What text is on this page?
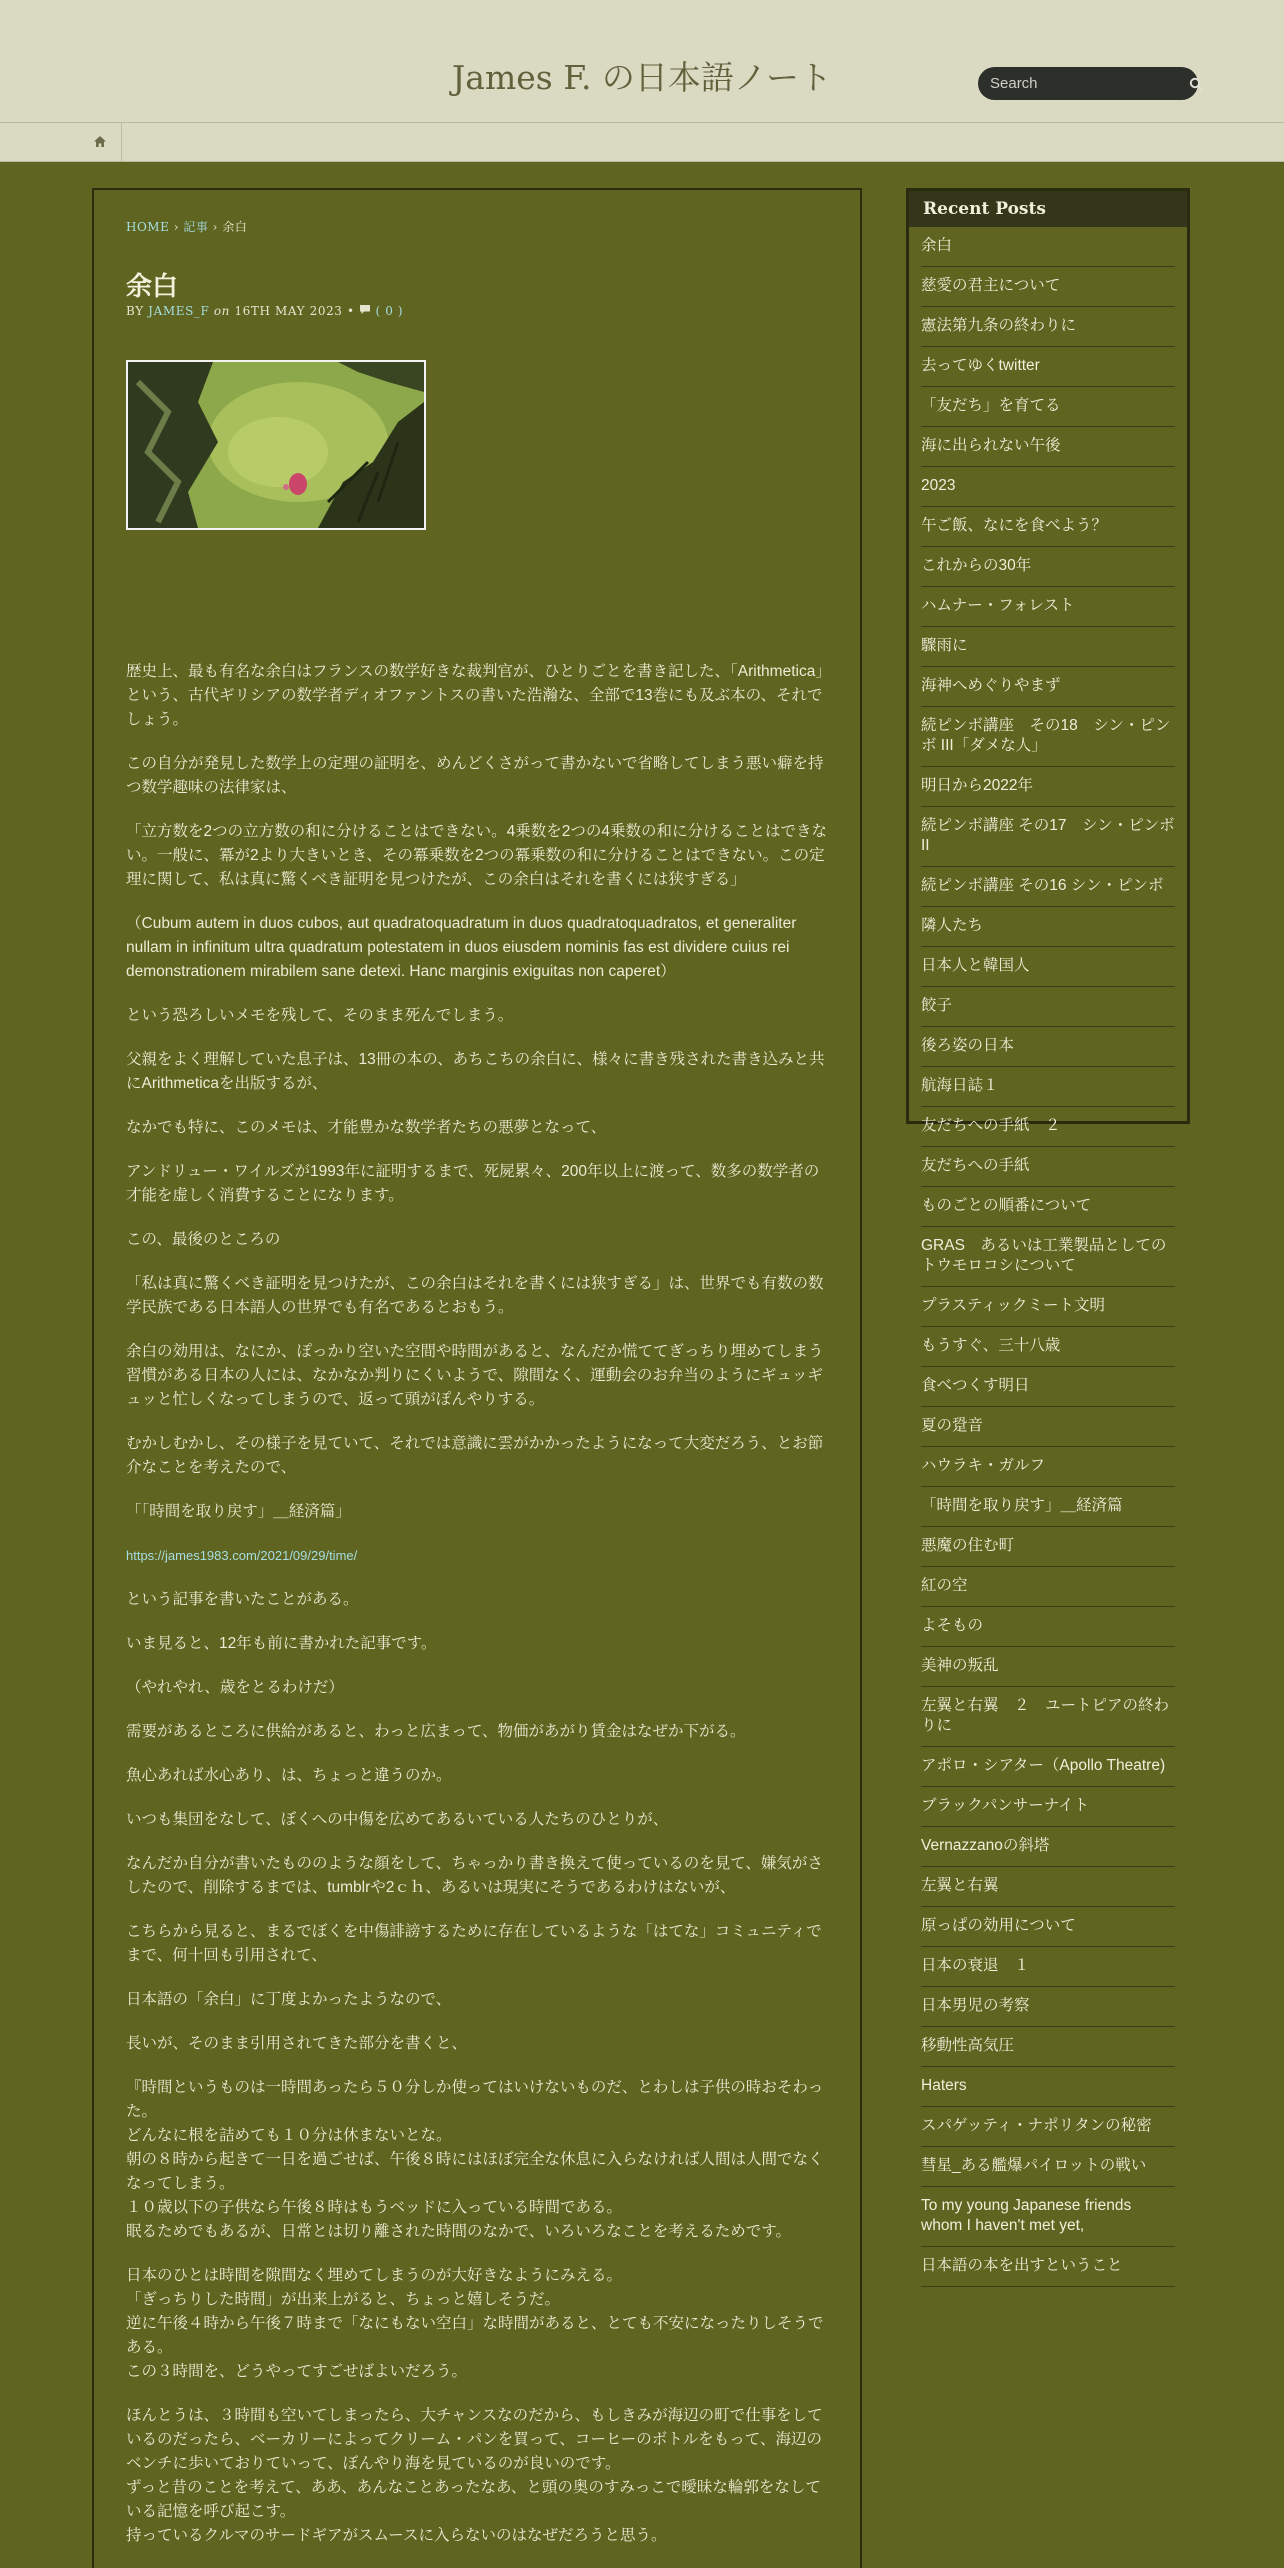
James F. の日本語ノート
Search
HOME › 記事 › 余白
余白
BY JAMES_F on 16TH MAY 2023 • ( 0 )

歴史上、最も有名な余白はフランスの数学好きな裁判官が、ひとりごとを書き記した、「Arithmetica」という、古代ギリシアの数学者ディオファントスの書いた浩瀚な、全部で13巻にも及ぶ本の、それでしょう。

この自分が発見した数学上の定理の証明を、めんどくさがって書かないで省略してしまう悪い癖を持つ数学趣味の法律家は、

「立方数を2つの立方数の和に分けることはできない。4乗数を2つの4乗数の和に分けることはできない。一般に、冪が2より大きいとき、その冪乗数を2つの冪乗数の和に分けることはできない。この定理に関して、私は真に驚くべき証明を見つけたが、この余白はそれを書くには狭すぎる」

（Cubum autem in duos cubos, aut quadratoquadratum in duos quadratoquadratos, et generaliter nullam in infinitum ultra quadratum potestatem in duos eiusdem nominis fas est dividere cuius rei demonstrationem mirabilem sane detexi. Hanc marginis exiguitas non caperet）

という恐ろしいメモを残して、そのまま死んでしまう。

父親をよく理解していた息子は、13冊の本の、あちこちの余白に、様々に書き残された書き込みと共にArithmeticaを出版するが、

なかでも特に、このメモは、才能豊かな数学者たちの悪夢となって、

アンドリュー・ワイルズが1993年に証明するまで、死屍累々、200年以上に渡って、数多の数学者の才能を虚しく消費することになります。

この、最後のところの

「私は真に驚くべき証明を見つけたが、この余白はそれを書くには狭すぎる」は、世界でも有数の数学民族である日本語人の世界でも有名であるとおもう。

余白の効用は、なにか、ぽっかり空いた空間や時間があると、なんだか慌ててぎっちり埋めてしまう習慣がある日本の人には、なかなか判りにくいようで、隙間なく、運動会のお弁当のようにギュッギュッと忙しくなってしまうので、返って頭がぽんやりする。

むかしむかし、その様子を見ていて、それでは意識に雲がかかったようになって大変だろう、とお節介なことを考えたので、

「「時間を取り戻す」＿経済篇」

https://james1983.com/2021/09/29/time/

という記事を書いたことがある。

いま見ると、12年も前に書かれた記事です。

（やれやれ、歳をとるわけだ）

需要があるところに供給があると、わっと広まって、物価があがり賃金はなぜか下がる。

魚心あれば水心あり、は、ちょっと違うのか。

いつも集団をなして、ぼくへの中傷を広めてあるいている人たちのひとりが、

なんだか自分が書いたもののような顔をして、ちゃっかり書き換えて使っているのを見て、嫌気がさしたので、削除するまでは、tumblrや2ｃｈ、あるいは現実にそうであるわけはないが、

こちらから見ると、まるでぼくを中傷誹謗するために存在しているような「はてな」コミュニティでまで、何十回も引用されて、

日本語の「余白」に丁度よかったようなので、

長いが、そのまま引用されてきた部分を書くと、

『時間というものは一時間あったら５０分しか使ってはいけないものだ、とわしは子供の時おそわった。
どんなに根を詰めても１０分は休まないとな。
朝の８時から起きて一日を過ごせば、午後８時にはほぼ完全な休息に入らなければ人間は人間でなくなってしまう。
１０歳以下の子供なら午後８時はもうベッドに入っている時間である。
眠るためでもあるが、日常とは切り離された時間のなかで、いろいろなことを考えるためです。

日本のひとは時間を隙間なく埋めてしまうのが大好きなようにみえる。
「ぎっちりした時間」が出来上がると、ちょっと嬉しそうだ。
逆に午後４時から午後７時まで「なにもない空白」な時間があると、とても不安になったりしそうである。
この３時間を、どうやってすごせばよいだろう。

ほんとうは、３時間も空いてしまったら、大チャンスなのだから、もしきみが海辺の町で仕事をしているのだったら、ベーカリーによってクリーム・パンを買って、コーヒーのボトルをもって、海辺のベンチに歩いておりていって、ぼんやり海を見ているのが良いのです。
ずっと昔のことを考えて、ああ、あんなことあったなあ、と頭の奥のすみっこで曖昧な輪郭をなしている記憶を呼び起こす。
持っているクルマのサードギアがスムースに入らないのはなぜだろうと思う。

Recent Posts
余白
慈愛の君主について
憲法第九条の終わりに
去ってゆくtwitter
「友だち」を育てる
海に出られない午後
2023
午ご飯、なにを食べよう？
これからの30年
ハムナー・フォレスト
驟雨に
海神へめぐりやまず
続ピンボ講座　その18　シン・ピンボ III「ダメな人」
明日から2022年
続ピンボ講座 その17　シン・ピンボ II
続ピンボ講座 その16 シン・ピンボ
隣人たち
日本人と韓国人
餃子
後ろ姿の日本
航海日誌１
友だちへの手紙　２
友だちへの手紙
ものごとの順番について
GRAS　あるいは工業製品としてのトウモロコシについて
プラスティックミート文明
もうすぐ、三十八歳
食べつくす明日
夏の跫音
ハウラキ・ガルフ
「時間を取り戻す」＿経済篇
悪魔の住む町
紅の空
よそもの
美神の叛乱
左翼と右翼　２　ユートピアの終わりに
アポロ・シアター（Apollo Theatre)
ブラックパンサーナイト
Vernazzanoの斜塔
左翼と右翼
原っぱの効用について
日本の衰退　１
日本男児の考察
移動性高気圧
Haters
スパゲッティ・ナポリタンの秘密
彗星_ある艦爆パイロットの戦い
To my young Japanese friends whom I haven't met yet,
日本語の本を出すということ
